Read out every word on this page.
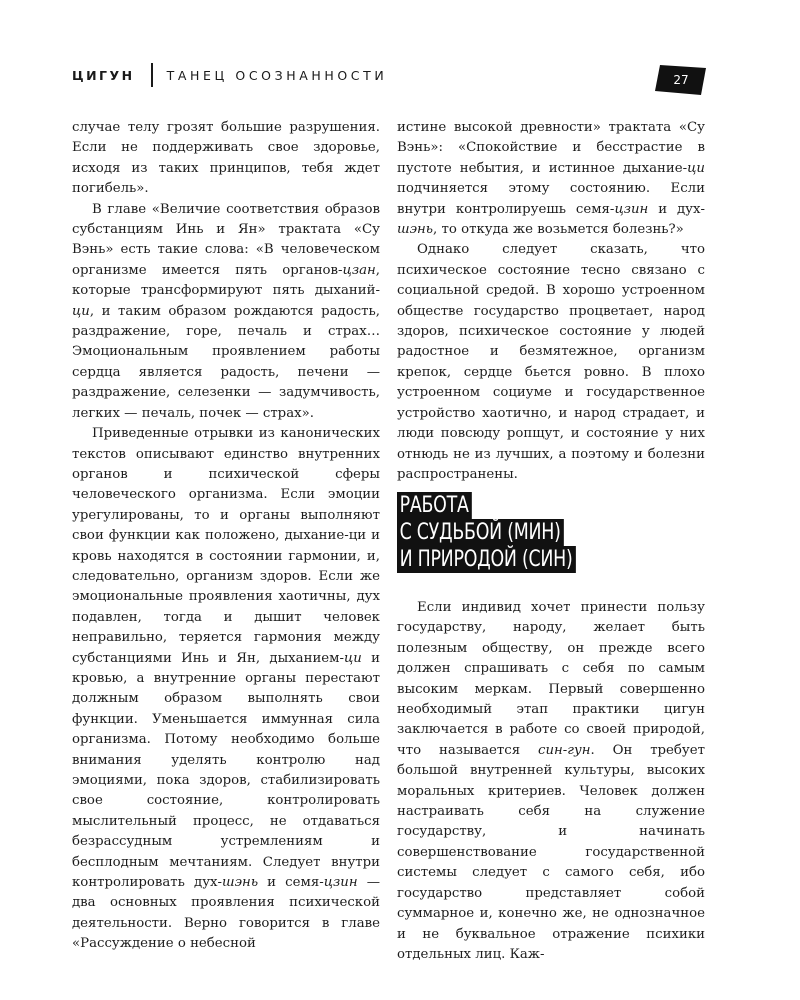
ЦИГУН	ТАНЕЦ ОСОЗНАННОСТИ	27

случае телу грозят большие разрушения. Если не поддерживать свое здоровье, исходя из таких принципов, тебя ждет погибель».

В главе «Величие соответствия образов субстанциям Инь и Ян» трактата «Су Вэнь» есть такие слова: «В человеческом организме имеется пять органов-цзан, которые трансформируют пять дыханий-ци, и таким образом рождаются радость, раздражение, горе, печаль и страх… Эмоциональным проявлением работы сердца является радость, печени — раздражение, селезенки — задумчивость, легких — печаль, почек — страх».

Приведенные отрывки из канонических текстов описывают единство внутренних органов и психической сферы человеческого организма. Если эмоции урегулированы, то и органы выполняют свои функции как положено, дыхание-ци и кровь находятся в состоянии гармонии, и, следовательно, организм здоров. Если же эмоциональные проявления хаотичны, дух подавлен, тогда и дышит человек неправильно, теряется гармония между субстанциями Инь и Ян, дыханием-ци и кровью, а внутренние органы перестают должным образом выполнять свои функции. Уменьшается иммунная сила организма. Потому необходимо больше внимания уделять контролю над эмоциями, пока здоров, стабилизировать свое состояние, контролировать мыслительный процесс, не отдаваться безрассудным устремлениям и бесплодным мечтаниям. Следует внутри контролировать дух-шэнь и семя-цзин — два основных проявления психической деятельности. Верно говорится в главе «Рассуждение о небесной

истине высокой древности» трактата «Су Вэнь»: «Спокойствие и бесстрастие в пустоте небытия, и истинное дыхание-ци подчиняется этому состоянию. Если внутри контролируешь семя-цзин и дух-шэнь, то откуда же возьмется болезнь?»

Однако следует сказать, что психическое состояние тесно связано с социальной средой. В хорошо устроенном обществе государство процветает, народ здоров, психическое состояние у людей радостное и безмятежное, организм крепок, сердце бьется ровно. В плохо устроенном социуме и государственное устройство хаотично, и народ страдает, и люди повсюду ропщут, и состояние у них отнюдь не из лучших, а поэтому и болезни распространены.

РАБОТА
С СУДЬБОЙ (МИН)
И ПРИРОДОЙ (СИН)

Если индивид хочет принести пользу государству, народу, желает быть полезным обществу, он прежде всего должен спрашивать с себя по самым высоким меркам. Первый совершенно необходимый этап практики цигун заключается в работе со своей природой, что называется син-гун. Он требует большой внутренней культуры, высоких моральных критериев. Человек должен настраивать себя на служение государству, и начинать совершенствование государственной системы следует с самого себя, ибо государство представляет собой суммарное и, конечно же, не однозначное и не буквальное отражение психики отдельных лиц. Каж-
